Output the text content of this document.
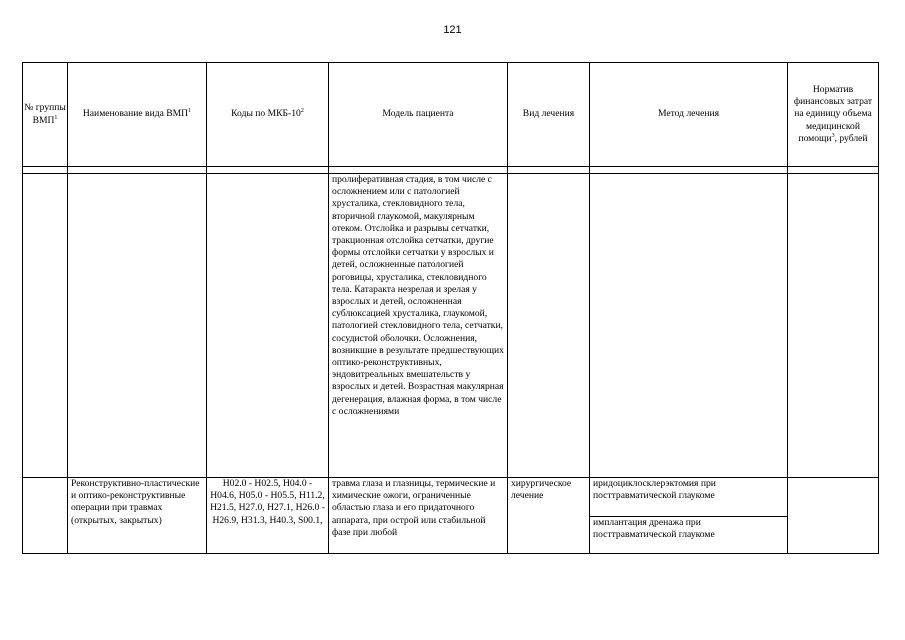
121
№ группы ВМП$^1$	Наименование вида ВМП$^1$	Коды по МКБ-$10^2$	Модель пациента	Вид лечения	Метод лечения	Норматив финансовых затрат на единицу объема медицинской помощи$^3$, рублей

			пролиферативная стадия, в том числе с осложнением или с патологией хрусталика, стекловидного тела, вторичной глаукомой, макулярным отеком. Отслойка и разрывы сетчатки, тракционная отслойка сетчатки, другие формы отслойки сетчатки у взрослых и детей, осложненные патологией роговицы, хрусталика, стекловидного тела. Катаракта незрелая и зрелая у взрослых и детей, осложненная сублюксацией хрусталика, глаукомой, патологией стекловидного тела, сетчатки, сосудистой оболочки. Осложнения, возникшие в результате предшествующих оптико-реконструктивных, эндовитреальных вмешательств у взрослых и детей. Возрастная макулярная дегенерация, влажная форма, в том числе с осложнениями			

	Реконструктивно-пластические и оптико-реконструктивные операции при травмах (открытых, закрытых)	H02.0 - H02.5, H04.0 - H04.6, H05.0 - H05.5, H11.2, H21.5, H27.0, H27.1, H26.0 - H26.9, H31.3, H40.3, S00.1,	травма глаза и глазницы, термические и химические ожоги, ограниченные областью глаза и его придаточного аппарата, при острой или стабильной фазе при любой	хирургическое лечение	иридоциклосклерэктомия при посттравматической глаукоме	

					имплантация дренажа при посттравматической глаукоме	
